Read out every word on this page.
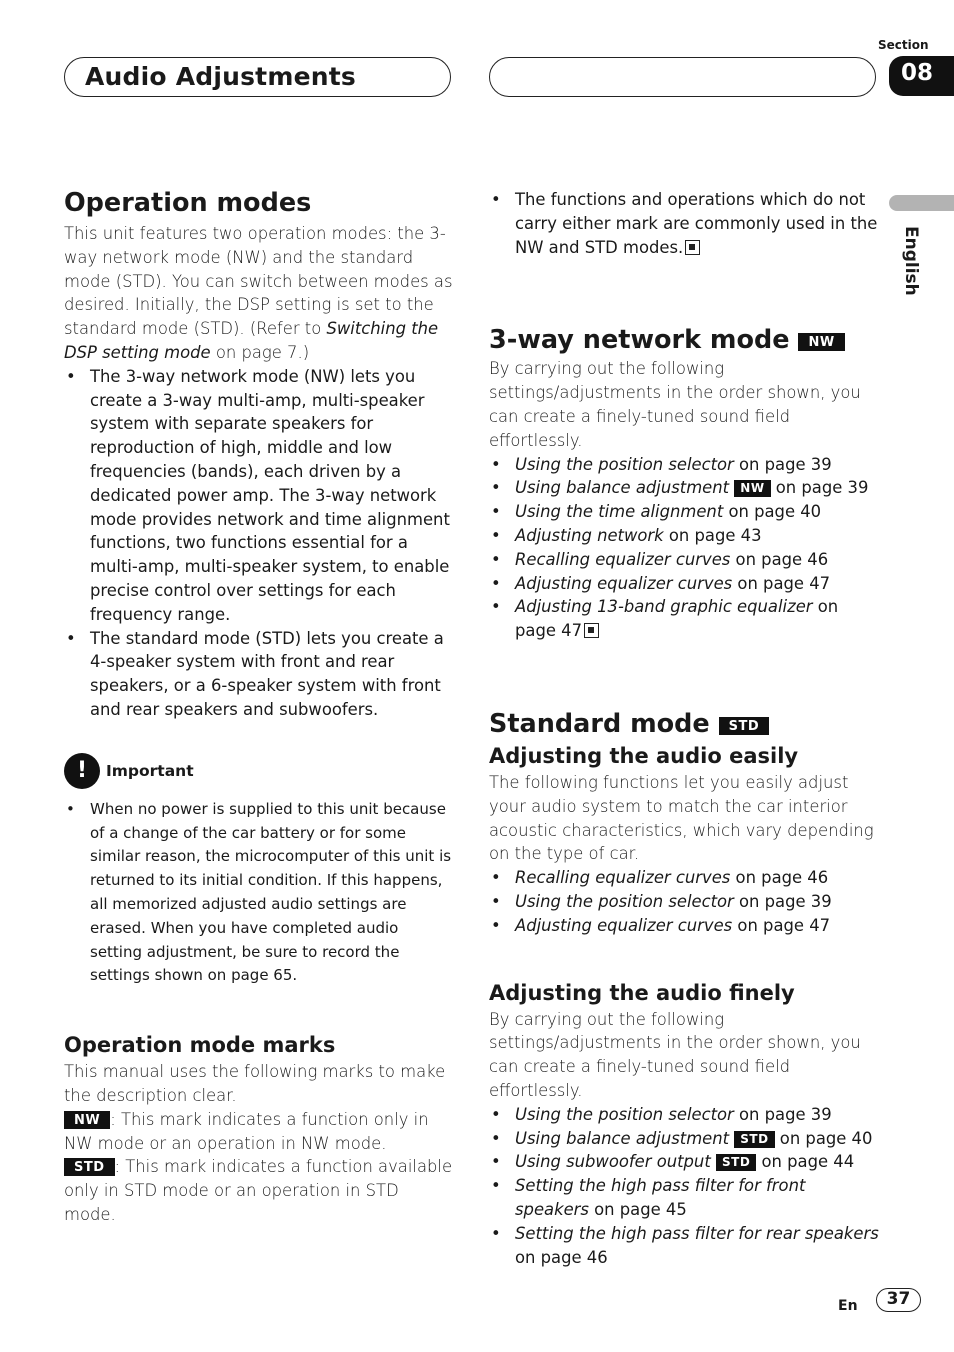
Audio Adjustments
Section
08
English
Operation modes

This unit features two operation modes: the 3-way network mode (NW) and the standard mode (STD). You can switch between modes as desired. Initially, the DSP setting is set to the standard mode (STD). (Refer to Switching the DSP setting mode on page 7.)

• The 3-way network mode (NW) lets you create a 3-way multi-amp, multi-speaker system with separate speakers for reproduction of high, middle and low frequencies (bands), each driven by a dedicated power amp. The 3-way network mode provides network and time alignment functions, two functions essential for a multi-amp, multi-speaker system, to enable precise control over settings for each frequency range.
• The standard mode (STD) lets you create a 4-speaker system with front and rear speakers, or a 6-speaker system with front and rear speakers and subwoofers.
!	Important
• When no power is supplied to this unit because of a change of the car battery or for some similar reason, the microcomputer of this unit is returned to its initial condition. If this happens, all memorized adjusted audio settings are erased. When you have completed audio setting adjustment, be sure to record the settings shown on page 65.
Operation mode marks

This manual uses the following marks to make the description clear.

NW : This mark indicates a function only in NW mode or an operation in NW mode.

STD : This mark indicates a function available only in STD mode or an operation in STD mode.

• The functions and operations which do not carry either mark are commonly used in the NW and STD modes.
3-way network mode NW

By carrying out the following settings/adjustments in the order shown, you can create a finely-tuned sound field effortlessly.

• Using the position selector on page 39
• Using balance adjustment NW on page 39
• Using the time alignment on page 40
• Adjusting network on page 43
• Recalling equalizer curves on page 46
• Adjusting equalizer curves on page 47
• Adjusting 13-band graphic equalizer on page 47
Standard mode STD
Adjusting the audio easily

The following functions let you easily adjust your audio system to match the car interior acoustic characteristics, which vary depending on the type of car.

• Recalling equalizer curves on page 46
• Using the position selector on page 39
• Adjusting equalizer curves on page 47
Adjusting the audio finely

By carrying out the following settings/adjustments in the order shown, you can create a finely-tuned sound field effortlessly.

• Using the position selector on page 39
• Using balance adjustment STD on page 40
• Using subwoofer output STD on page 44
• Setting the high pass filter for front speakers on page 45
• Setting the high pass filter for rear speakers on page 46
En	37
